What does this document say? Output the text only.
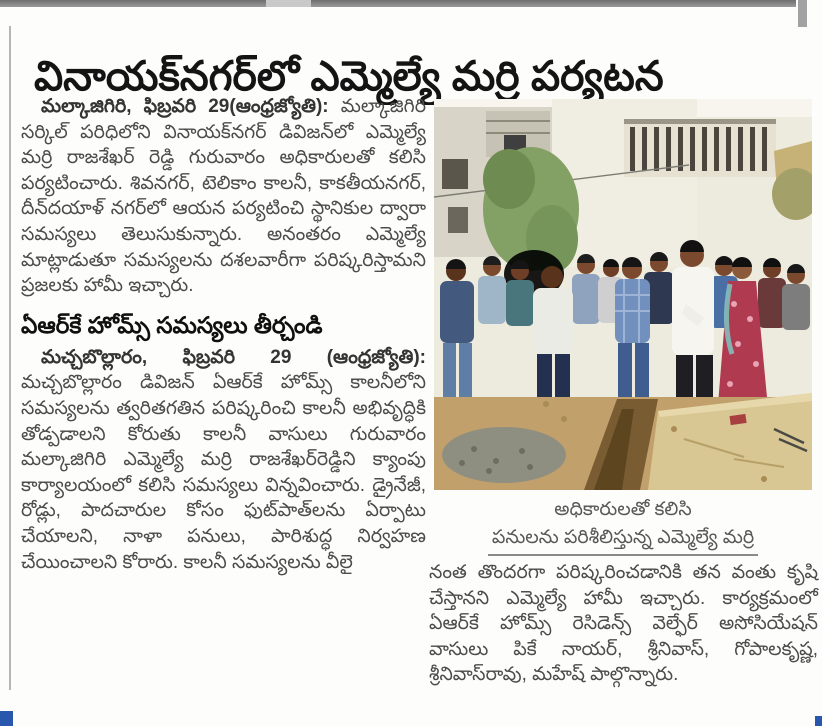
వినాయక్‌నగర్‌లో ఎమ్మెల్యే మర్రి పర్యటన

మల్కాజిగిరి, ఫిబ్రవరి 29(ఆంధ్రజ్యోతి): మల్కాజిగిరి సర్కిల్ పరిధిలోని వినాయక్‌నగర్ డివిజన్‌లో ఎమ్మెల్యే మర్రి రాజశేఖర్ రెడ్డి గురువారం అధికారులతో కలిసి పర్యటించారు. శివనగర్, టెలికాం కాలనీ, కాకతీయనగర్, దీన్‌దయాళ్ నగర్‌లో ఆయన పర్యటించి స్థానికుల ద్వారా సమస్యలు తెలుసుకున్నారు. అనంతరం ఎమ్మెల్యే మాట్లాడుతూ సమస్యలను దశలవారీగా పరిష్కరిస్తామని ప్రజలకు హామీ ఇచ్చారు.

ఏఆర్‌కే హోమ్స్ సమస్యలు తీర్చండి

మచ్చబొల్లారం, ఫిబ్రవరి 29 (ఆంధ్రజ్యోతి): మచ్చబొల్లారం డివిజన్ ఏఆర్‌కే హోమ్స్ కాలనీలోని సమస్యలను త్వరితగతిన పరిష్కరించి కాలనీ అభివృద్ధికి తోడ్పడాలని కోరుతు కాలనీ వాసులు గురువారం మల్కాజిగిరి ఎమ్మెల్యే మర్రి రాజశేఖర్‌రెడ్డిని క్యాంపు కార్యాలయంలో కలిసి సమస్యలు విన్నవించారు. డ్రైనేజీ, రోడ్లు, పాదచారుల కోసం ఫుట్‌పాత్‌లను ఏర్పాటు చేయాలని, నాళా పనులు, పారిశుద్ధ నిర్వహణ చేయించాలని కోరారు. కాలనీ సమస్యలను వీలై

అధికారులతో కలిసి
పనులను పరిశీలిస్తున్న ఎమ్మెల్యే మర్రి

నంత తొందరగా పరిష్కరించడానికి తన వంతు కృషి చేస్తానని ఎమ్మెల్యే హామీ ఇచ్చారు. కార్యక్రమంలో ఏఆర్‌కే హోమ్స్ రెసిడెన్స్ వెల్ఫేర్ అసోసియేషన్ వాసులు పికే నాయర్, శ్రీనివాస్, గోపాలకృష్ణ, శ్రీనివాస్‌రావు, మహేష్ పాల్గొన్నారు.
